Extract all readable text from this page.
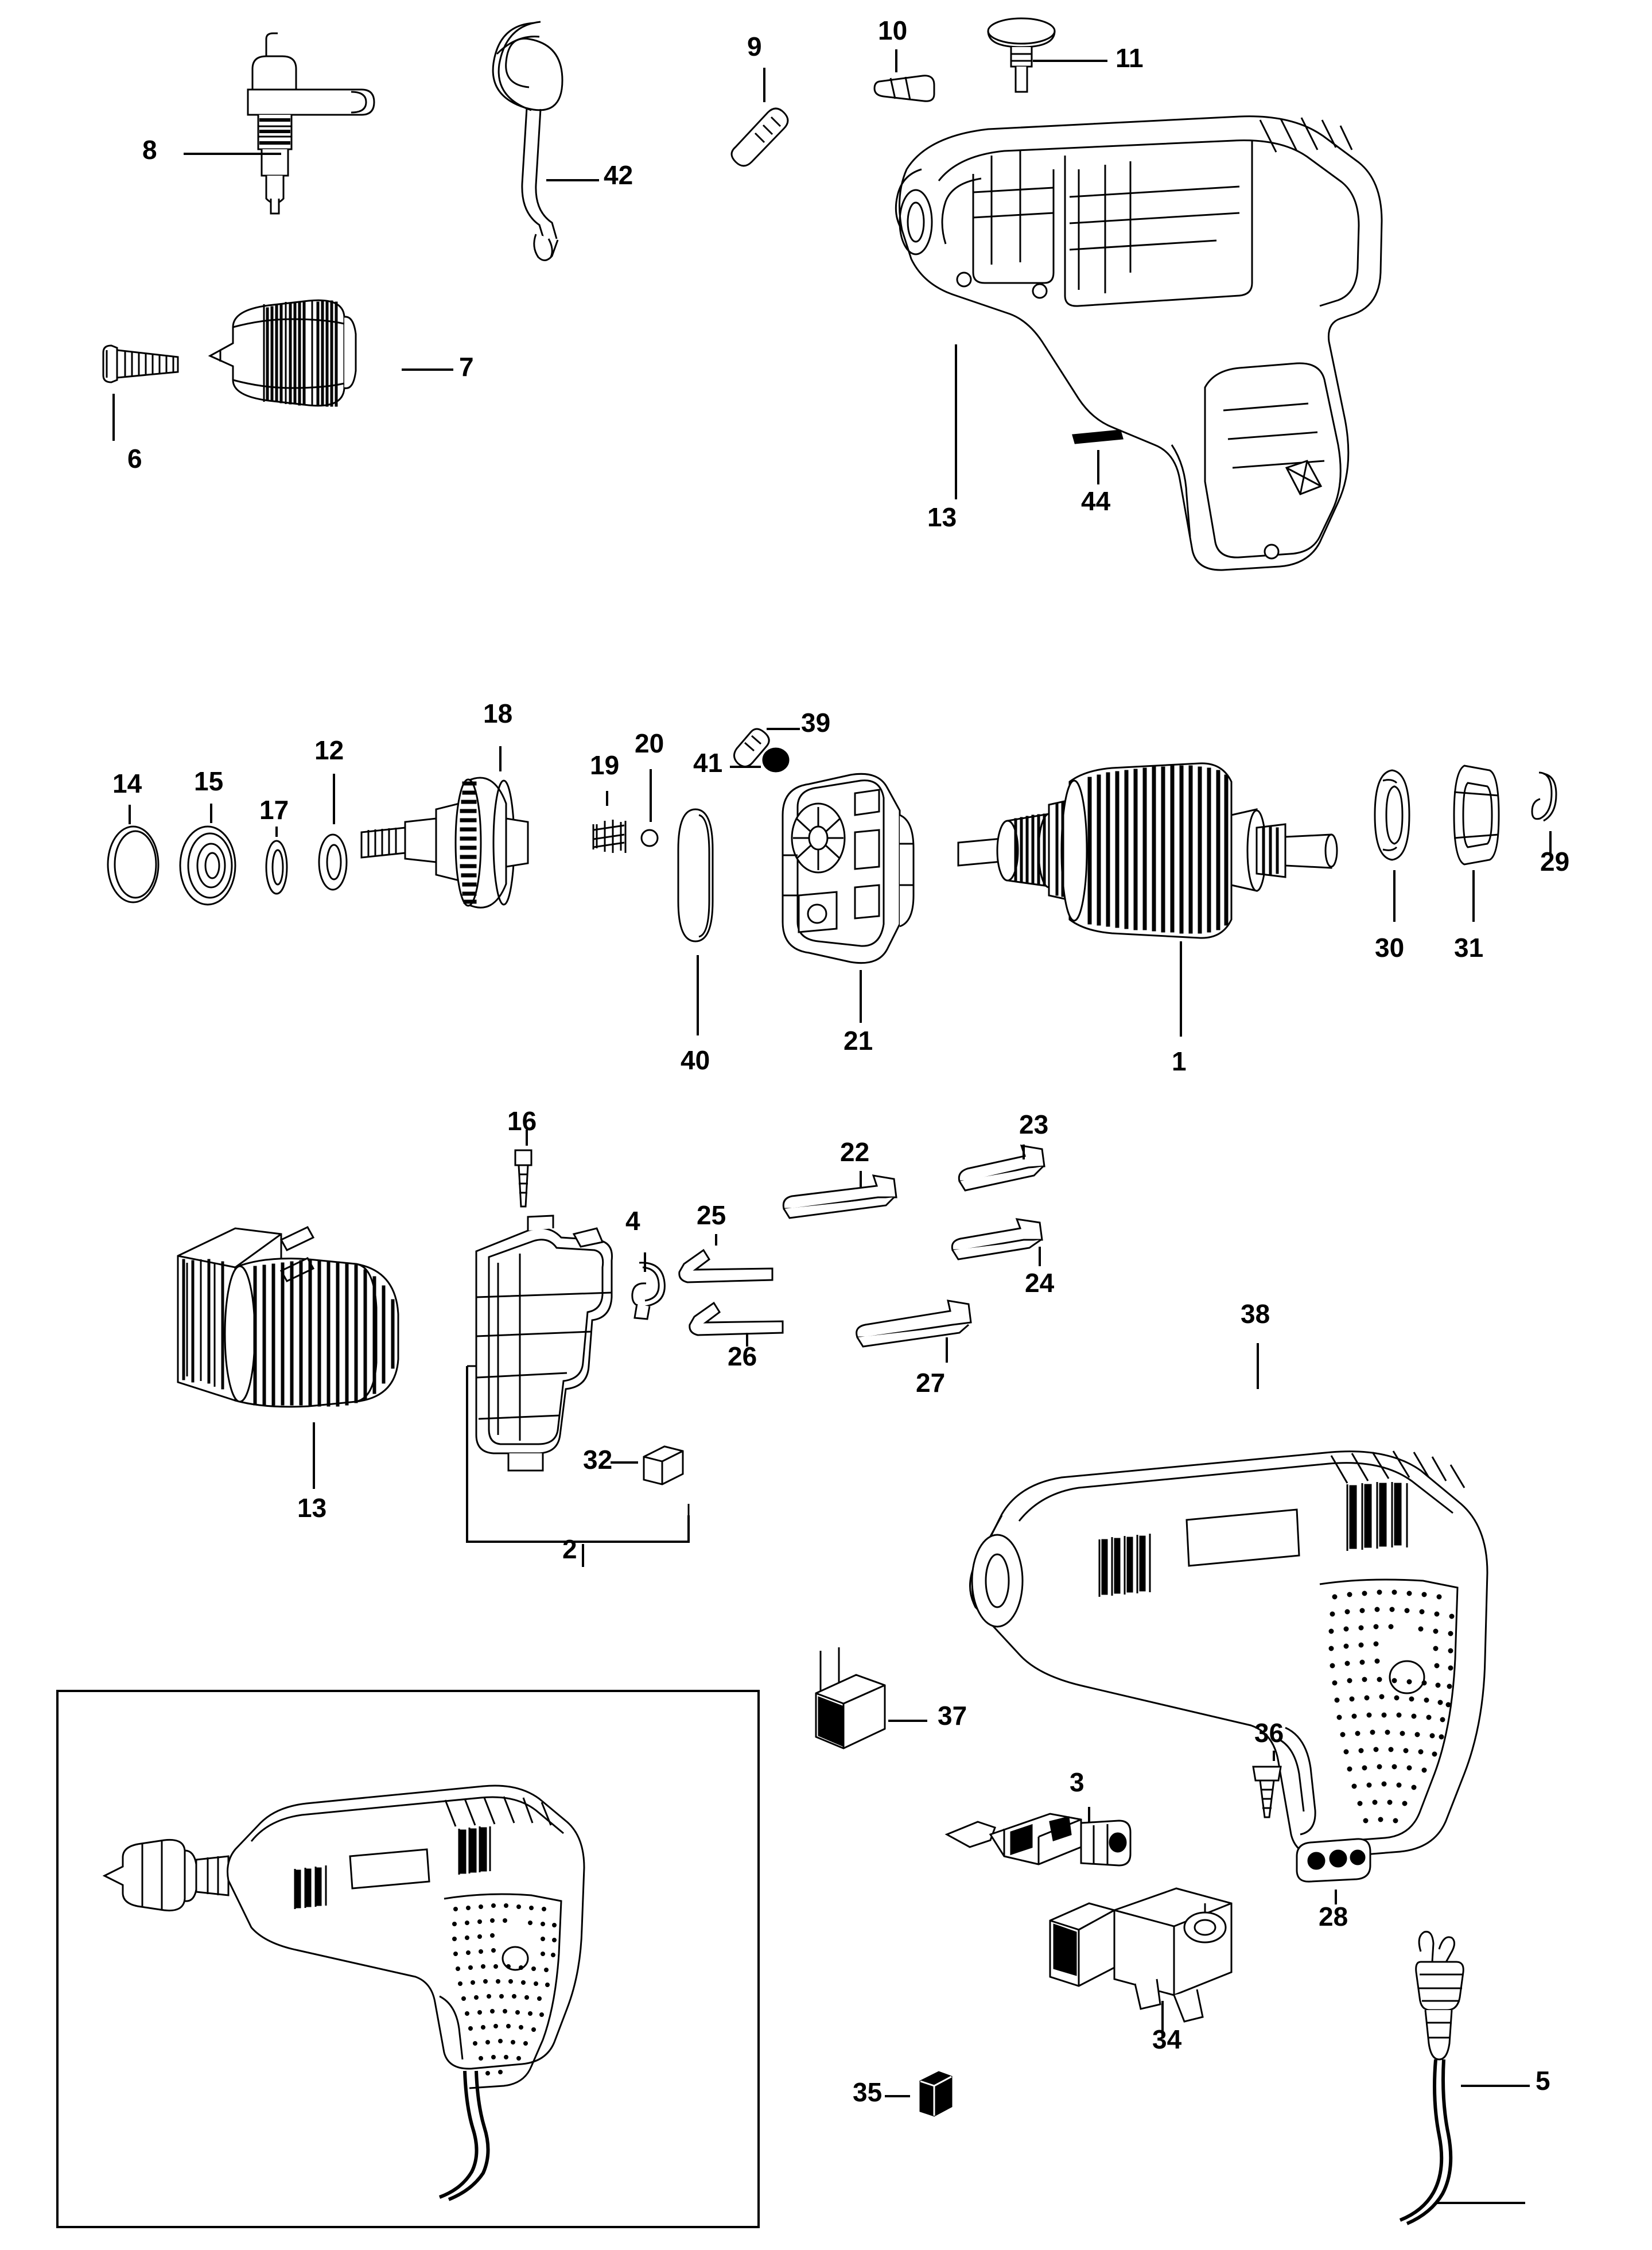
8
42
9
10
11
7
6
13
44
14 15
17
12
18
19
20
41
39
40
21
1
30 31
29
13
2
16
4
32
25
26
22
23
24
27
38
37
36
28
3
34
35	5
